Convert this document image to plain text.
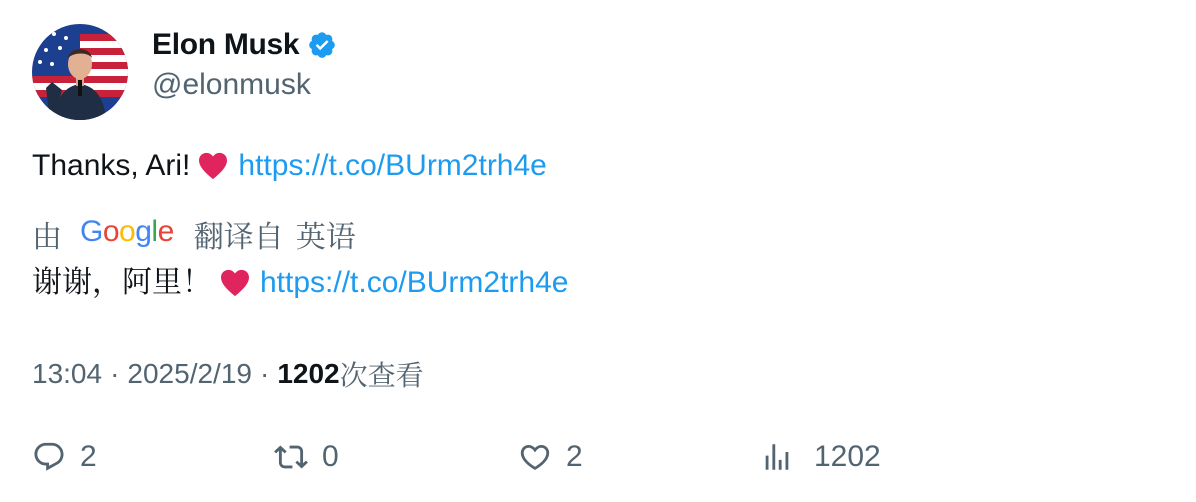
Elon Musk
@elonmusk
Thanks, Ari! https://t.co/BUrm2trh4e
由 Google 翻译自 英语
谢谢，阿里！ https://t.co/BUrm2trh4e
13:04 · 2025/2/19 · 1202 次查看
2	0	2	1202
